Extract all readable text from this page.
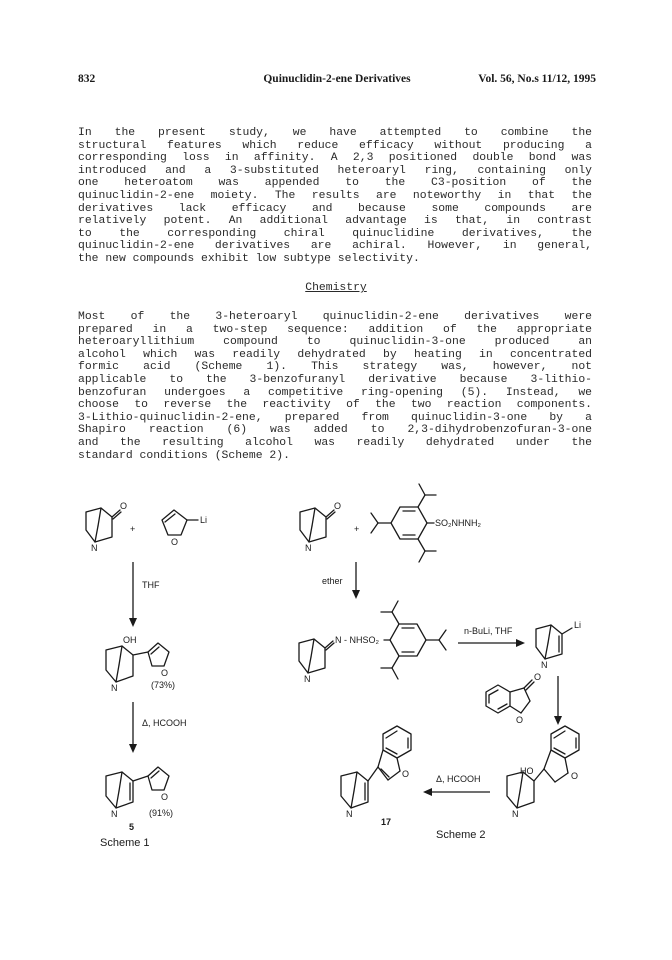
832	Quinuclidin-2-ene Derivatives	Vol. 56, No.s 11/12, 1995

In the present study, we have attempted to combine the
structural features which reduce efficacy without producing a
corresponding loss in affinity. A 2,3 positioned double bond was
introduced and a 3-substituted heteroaryl ring, containing only
one heteroatom was appended to the C3-position of the
quinuclidin-2-ene moiety. The results are noteworthy in that the
derivatives lack efficacy and because some compounds are
relatively potent. An additional advantage is that, in contrast
to the corresponding chiral quinuclidine derivatives, the
quinuclidin-2-ene derivatives are achiral. However, in general,
the new compounds exhibit low subtype selectivity.

Chemistry

Most of the 3-heteroaryl quinuclidin-2-ene derivatives were
prepared in a two-step sequence: addition of the appropriate
heteroaryllithium compound to quinuclidin-3-one produced an
alcohol which was readily dehydrated by heating in concentrated
formic acid (Scheme 1). This strategy was, however, not
applicable to the 3-benzofuranyl derivative because 3-lithio-
benzofuran undergoes a competitive ring-opening (5). Instead, we
choose to reverse the reactivity of the two reaction components.
3-Lithio-quinuclidin-2-ene, prepared from quinuclidin-3-one by a
Shapiro reaction (6) was added to 2,3-dihydrobenzofuran-3-one
and the resulting alcohol was readily dehydrated under the
standard conditions (Scheme 2).

O
N
+
O
Li
THF
OH
O
N	(73%)
Δ, HCOOH
O
N	(91%)
5
Scheme 1
O
N
+
SO₂NHNH₂
ether
N - NHSO₂
N
n-BuLi, THF
Li
N
O
O
HO	O
N
Δ, HCOOH
O
N
17
Scheme 2
